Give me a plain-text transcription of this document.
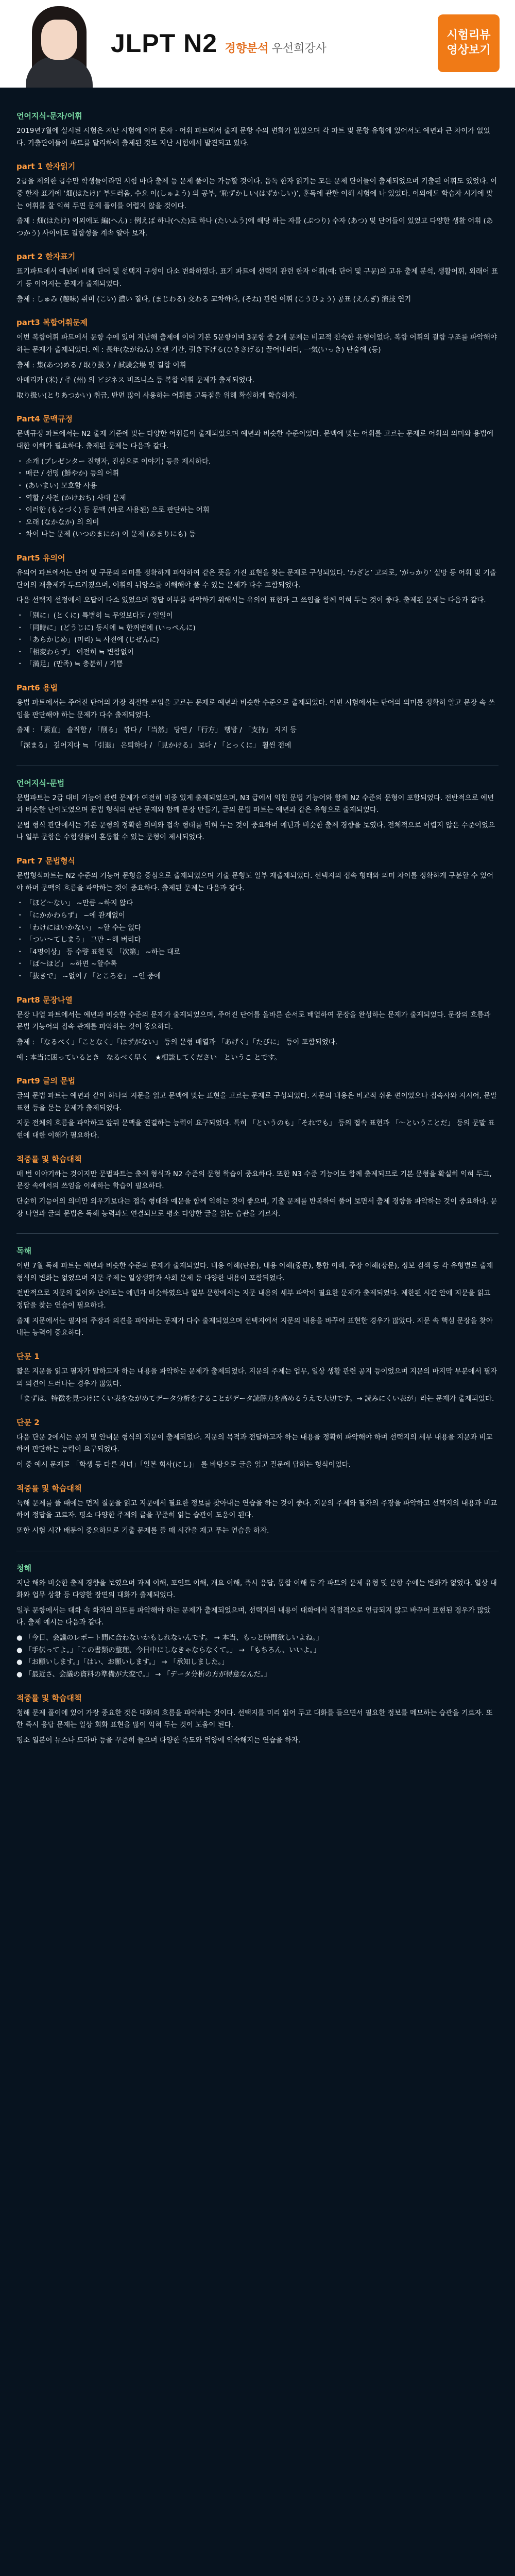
JLPT N2 경향분석 우선희강사
시험리뷰
영상보기
언어지식-문자/어휘

2019년7월에 실시된 시험은 지난 시험에 이어 문자 · 어휘 파트에서 출제 문항 수의 변화가 없었으며 각 파트 및 문항 유형에 있어서도 예년과 큰 차이가 없었다. 기출단어들이 파트를 달리하여 출제된 것도 지난 시험에서 발견되고 있다.

part 1 한자읽기

2급을 제외한 급수만 학생들이라면 시험 마다 출제 등 문제 풀이는 가능할 것이다. 음독 한자 읽기는 모든 문제 단어들이 출제되었으며 기출된 어휘도 있었다. 이 중 한자 표기에 ‘畑(はたけ)’ 부드러움, 수요 이(しゅよう) 의 공부, ‘恥ずかしい(はずかしい)’, 훈독에 관한 이해 시험에 나 있었다. 이외에도 학습자 시기에 맞는 어휘를 잘 익혀 두면 문제 풀이를 어렵지 않을 것이다.

출제 : 畑(はたけ) 이외에도 編(へん) : 例えば 하나(へた)로 하나 (たいふう)에 해당 하는 자를 (ぶつり) 수자 (あつ) 및 단어들이 있었고 다양한 생활 어휘 (あつかう) 사이에도 결합성을 계속 알아 보자.

part 2 한자표기

표기파트에서 예년에 비해 단어 및 선택지 구성이 다소 변화하였다. 표기 파트에 선택지 관련 한자 어휘(예: 단어 및 구문)의 고유 출제 분석, 생활어휘, 외래어 표기 등 이어지는 문제가 출제되었다.

출제 : しゅみ (趣味) 취미 (こい) 濃い 짙다, (まじわる) 交わる 교차하다, (そね) 관련 어휘 (こうひょう) 공표 (えんぎ) 演技 연기

part3 복합어휘문제

이번 복합어휘 파트에서 문항 수에 있어 지난해 출제에 이어 기본 5문항이며 3문항 중 2개 문제는 비교적 친숙한 유형이었다. 복합 어휘의 결합 구조를 파악해야 하는 문제가 출제되었다. 예 : 長年(ながねん) 오랜 기간, 引き下げる(ひきさげる) 끌어내리다, 一気(いっき) 단숨에 (등)

출제 : 集(あつ)める / 取り扱う / 試験会場 및 결합 어휘

아메리카 (米) / 주 (州) 의 ビジネス 비즈니스 등 복합 어휘 문제가 출제되었다.

取り扱い(とりあつかい) 취급, 반면 많이 사용하는 어휘를 고득점을 위해 확실하게 학습하자.

Part4 문맥규정

문맥규정 파트에서는 N2 출제 기준에 맞는 다양한 어휘들이 출제되었으며 예년과 비슷한 수준이었다. 문맥에 맞는 어휘를 고르는 문제로 어휘의 의미와 용법에 대한 이해가 필요하다. 출제된 문제는 다음과 같다.

・ 소개 (プレゼンター 진행자, 진심으로 이야기) 등을 제시하다.
・ 매끈 / 선명 (鮮やか) 등의 어휘
・ (あいまい) 모호함 사용
・ 역할 / 사전 (かけおち) 사태 문제
・ 이러한 (もとづく) 등 문맥 (바로 사용된) 으로 판단하는 어휘
・ 오래 (なかなか) 의 의미
・ 차이 나는 문제 (いつのまにか) 이 문제 (あまりにも) 등
Part5 유의어

유의어 파트에서는 단어 및 구문의 의미를 정확하게 파악하여 같은 뜻을 가진 표현을 찾는 문제로 구성되었다. ‘わざと’ 고의로, ‘がっかり’ 실망 등 어휘 및 기출 단어의 재출제가 두드러졌으며, 어휘의 뉘앙스를 이해해야 풀 수 있는 문제가 다수 포함되었다.

다음 선택지 선정에서 오답이 다소 있었으며 정답 여부를 파악하기 위해서는 유의어 표현과 그 쓰임을 함께 익혀 두는 것이 좋다. 출제된 문제는 다음과 같다.

・ 「別に」(とくに) 특별히 ≒ 무엇보다도 / 일일이
・ 「同時に」(どうじに) 동시에 ≒ 한꺼번에 (いっぺんに)
・ 「あらかじめ」(미리) ≒ 사전에 (じぜんに)
・ 「相変わらず」 여전히 ≒ 변함없이
・ 「満足」(만족) ≒ 충분히 / 기쁨
Part6 용법

용법 파트에서는 주어진 단어의 가장 적절한 쓰임을 고르는 문제로 예년과 비슷한 수준으로 출제되었다. 이번 시험에서는 단어의 의미를 정확히 알고 문장 속 쓰임을 판단해야 하는 문제가 다수 출제되었다.

출제 : 「素直」 솔직함 / 「削る」 깎다 / 「当然」 당연 / 「行方」 행방 / 「支持」 지지 등

「深まる」 깊어지다 ≒ 「引退」 은퇴하다 / 「見かける」 보다 / 「とっくに」 훨씬 전에

언어지식-문법

문법파트는 2급 대비 기능어 관련 문제가 여전히 비중 있게 출제되었으며, N3 급에서 익힌 문법 기능어와 함께 N2 수준의 문형이 포함되었다. 전반적으로 예년과 비슷한 난이도였으며 문법 형식의 판단 문제와 함께 문장 만들기, 글의 문법 파트는 예년과 같은 유형으로 출제되었다.

문법 형식 판단에서는 기본 문형의 정확한 의미와 접속 형태를 익혀 두는 것이 중요하며 예년과 비슷한 출제 경향을 보였다. 전체적으로 어렵지 않은 수준이었으나 일부 문항은 수험생들이 혼동할 수 있는 문형이 제시되었다.

Part 7 문법형식

문법형식파트는 N2 수준의 기능어 문형을 중심으로 출제되었으며 기출 문형도 일부 재출제되었다. 선택지의 접속 형태와 의미 차이를 정확하게 구분할 수 있어야 하며 문맥의 흐름을 파악하는 것이 중요하다. 출제된 문제는 다음과 같다.

・ 「ほど〜ない」 ~만큼 ~하지 않다
・ 「にかかわらず」 ~에 관계없이
・ 「わけにはいかない」 ~할 수는 없다
・ 「つい〜てしまう」 그만 ~해 버리다
・ 「4명이상」 등 수량 표현 및 「次第」 ~하는 대로
・ 「ば〜ほど」 ~하면 ~할수록
・ 「抜きで」 ~없이 / 「ところを」 ~인 중에
Part8 문장나열

문장 나열 파트에서는 예년과 비슷한 수준의 문제가 출제되었으며, 주어진 단어를 올바른 순서로 배열하여 문장을 완성하는 문제가 출제되었다. 문장의 흐름과 문법 기능어의 접속 관계를 파악하는 것이 중요하다.

출제 : 「なるべく」「ことなく」「はずがない」 등의 문형 배열과 「あげく」「たびに」 등이 포함되었다.

예 : 本当に困っているとき　なるべく早く　★相談してください　というこ とです。

Part9 글의 문법

글의 문법 파트는 예년과 같이 하나의 지문을 읽고 문맥에 맞는 표현을 고르는 문제로 구성되었다. 지문의 내용은 비교적 쉬운 편이었으나 접속사와 지시어, 문말 표현 등을 묻는 문제가 출제되었다.

지문 전체의 흐름을 파악하고 앞뒤 문맥을 연결하는 능력이 요구되었다. 특히 「というのも」「それでも」 등의 접속 표현과 「〜ということだ」 등의 문말 표현에 대한 이해가 필요하다.

적중률 및 학습대책

매 번 이야기하는 것이지만 문법파트는 출제 형식과 N2 수준의 문형 학습이 중요하다. 또한 N3 수준 기능어도 함께 출제되므로 기본 문형을 확실히 익혀 두고, 문장 속에서의 쓰임을 이해하는 학습이 필요하다.

단순히 기능어의 의미만 외우기보다는 접속 형태와 예문을 함께 익히는 것이 좋으며, 기출 문제를 반복하여 풀어 보면서 출제 경향을 파악하는 것이 중요하다. 문장 나열과 글의 문법은 독해 능력과도 연결되므로 평소 다양한 글을 읽는 습관을 기르자.

독해

이번 7월 독해 파트는 예년과 비슷한 수준의 문제가 출제되었다. 내용 이해(단문), 내용 이해(중문), 통합 이해, 주장 이해(장문), 정보 검색 등 각 유형별로 출제 형식의 변화는 없었으며 지문 주제는 일상생활과 사회 문제 등 다양한 내용이 포함되었다.

전반적으로 지문의 길이와 난이도는 예년과 비슷하였으나 일부 문항에서는 지문 내용의 세부 파악이 필요한 문제가 출제되었다. 제한된 시간 안에 지문을 읽고 정답을 찾는 연습이 필요하다.

출제 지문에서는 필자의 주장과 의견을 파악하는 문제가 다수 출제되었으며 선택지에서 지문의 내용을 바꾸어 표현한 경우가 많았다. 지문 속 핵심 문장을 찾아내는 능력이 중요하다.

단문 1

짧은 지문을 읽고 필자가 말하고자 하는 내용을 파악하는 문제가 출제되었다. 지문의 주제는 업무, 일상 생활 관련 공지 등이었으며 지문의 마지막 부분에서 필자의 의견이 드러나는 경우가 많았다.

「まずは、特徴を見つけにくい表をながめてデータ分析をすることがデータ読解力を高めるうえで大切です。→ 読みにくい表が」라는 문제가 출제되었다.

단문 2

다음 단문 2에서는 공지 및 안내문 형식의 지문이 출제되었다. 지문의 목적과 전달하고자 하는 내용을 정확히 파악해야 하며 선택지의 세부 내용을 지문과 비교하여 판단하는 능력이 요구되었다.

이 중 예시 문제로 「학생 등 다른 자녀」「일본 회사(にし)」 를 바탕으로 글을 읽고 질문에 답하는 형식이었다.

적중률 및 학습대책

독해 문제를 풀 때에는 먼저 질문을 읽고 지문에서 필요한 정보를 찾아내는 연습을 하는 것이 좋다. 지문의 주제와 필자의 주장을 파악하고 선택지의 내용과 비교하여 정답을 고르자. 평소 다양한 주제의 글을 꾸준히 읽는 습관이 도움이 된다.

또한 시험 시간 배분이 중요하므로 기출 문제를 풀 때 시간을 재고 푸는 연습을 하자.

청해

지난 해와 비슷한 출제 경향을 보였으며 과제 이해, 포인트 이해, 개요 이해, 즉시 응답, 통합 이해 등 각 파트의 문제 유형 및 문항 수에는 변화가 없었다. 일상 대화와 업무 상황 등 다양한 장면의 대화가 출제되었다.

일부 문항에서는 대화 속 화자의 의도를 파악해야 하는 문제가 출제되었으며, 선택지의 내용이 대화에서 직접적으로 언급되지 않고 바꾸어 표현된 경우가 많았다. 출제 예시는 다음과 같다.

● 「今日、会議のレポート間に合わないかもしれないんです。 → 本当、もっと時間欲しいよね。」
● 「手伝ってよ。」「この書類の整理、今日中にしなきゃならなくて。」 → 「もちろん、いいよ。」
● 「お願いします。」「はい、お願いします。」 → 「承知しました。」
● 「最近さ、会議の資料の準備が大変で。」 → 「データ分析の方が得意なんだ。」
적중률 및 학습대책

청해 문제 풀이에 있어 가장 중요한 것은 대화의 흐름을 파악하는 것이다. 선택지를 미리 읽어 두고 대화를 들으면서 필요한 정보를 메모하는 습관을 기르자. 또한 즉시 응답 문제는 일상 회화 표현을 많이 익혀 두는 것이 도움이 된다.

평소 일본어 뉴스나 드라마 등을 꾸준히 들으며 다양한 속도와 억양에 익숙해지는 연습을 하자.
